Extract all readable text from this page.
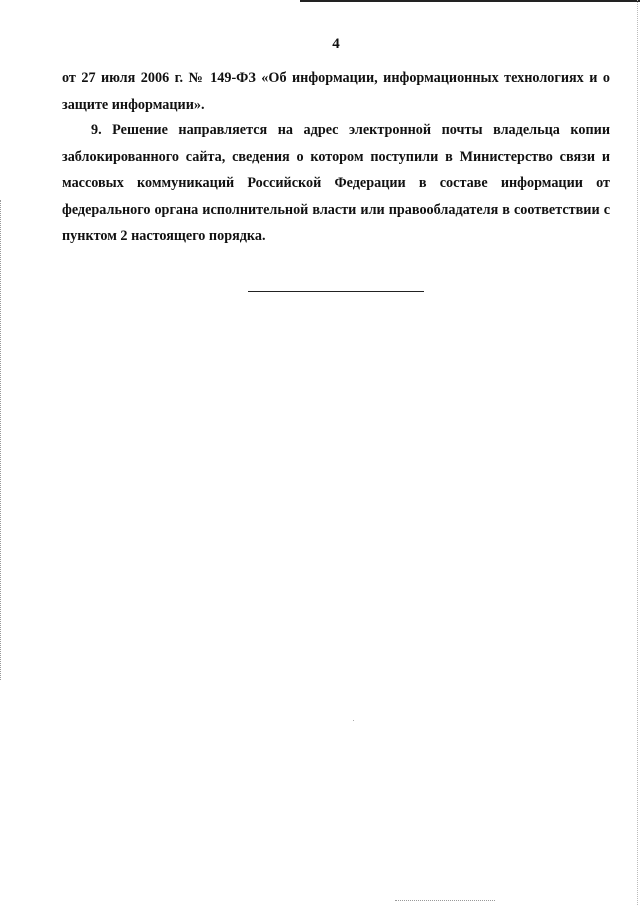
4
от 27 июля 2006 г. № 149-ФЗ «Об информации, информационных технологиях и о защите информации».
9. Решение направляется на адрес электронной почты владельца копии заблокированного сайта, сведения о котором поступили в Министерство связи и массовых коммуникаций Российской Федерации в составе информации от федерального органа исполнительной власти или правообладателя в соответствии с пунктом 2 настоящего порядка.
